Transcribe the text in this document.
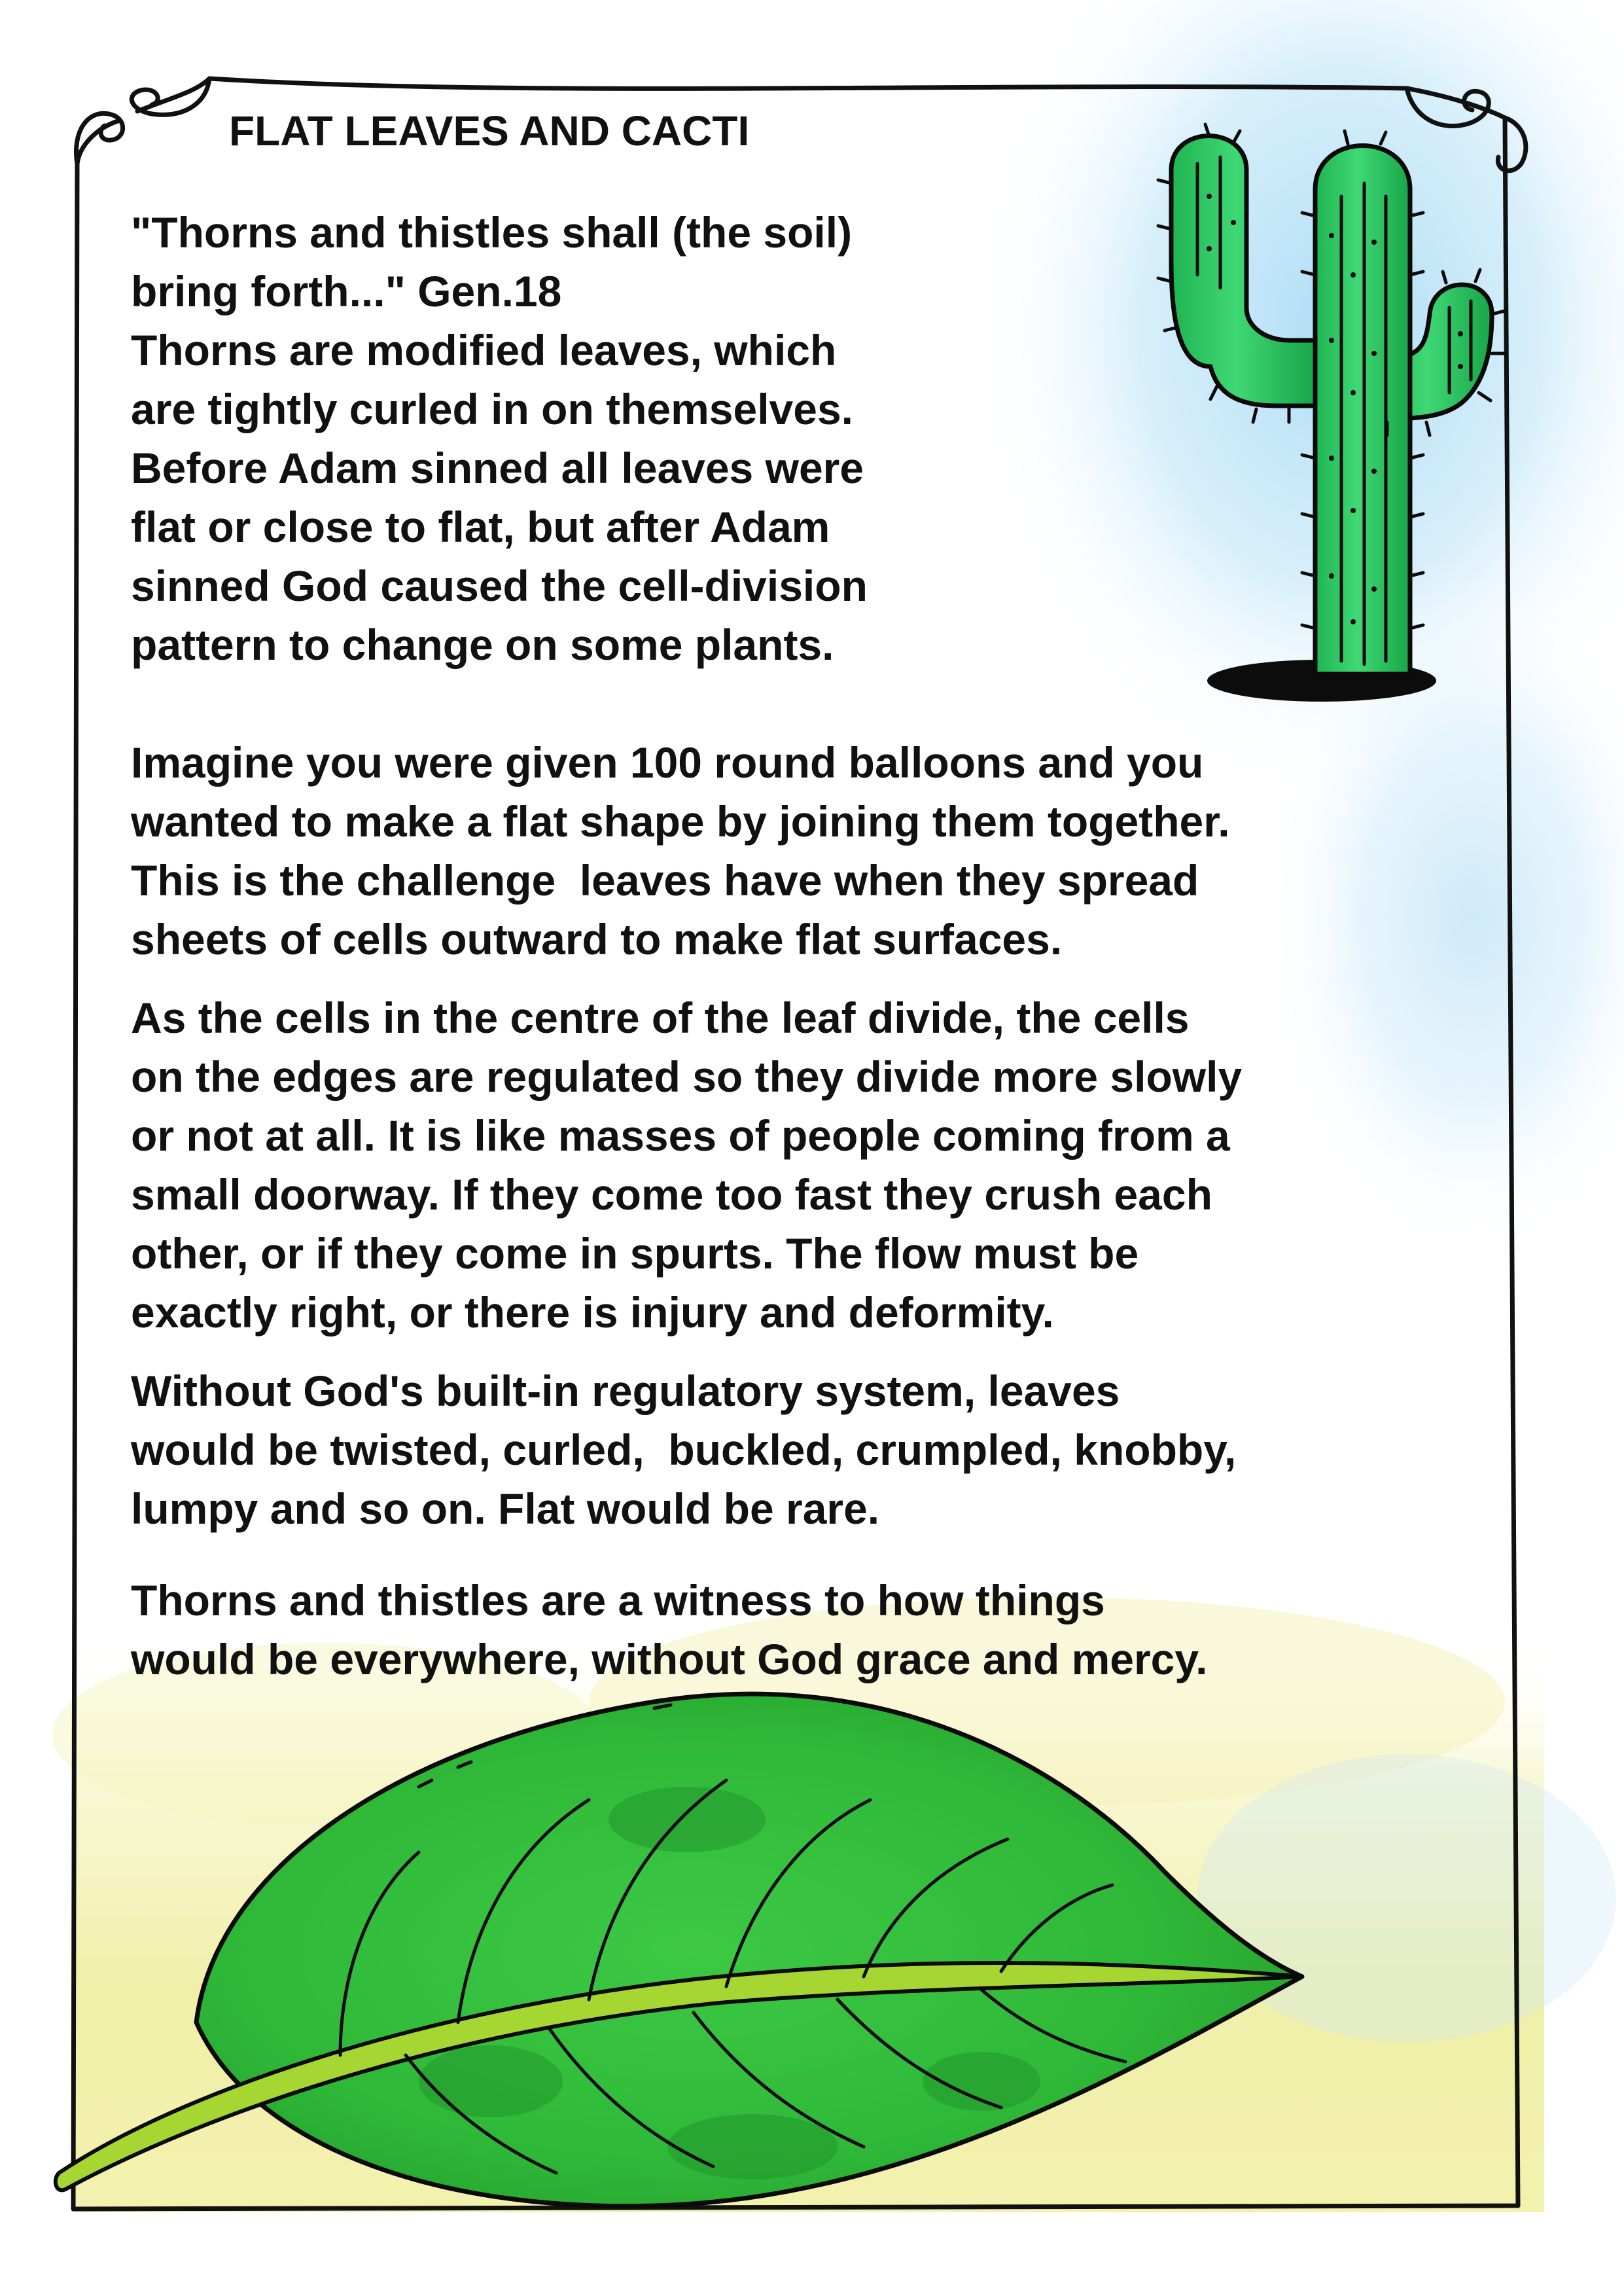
FLAT LEAVES AND CACTI

"Thorns and thistles shall (the soil)
bring forth..." Gen.18
Thorns are modified leaves, which
are tightly curled in on themselves.
Before Adam sinned all leaves were
flat or close to flat, but after Adam
sinned God caused the cell-division
pattern to change on some plants.

Imagine you were given 100 round balloons and you
wanted to make a flat shape by joining them together.
This is the challenge  leaves have when they spread
sheets of cells outward to make flat surfaces.

As the cells in the centre of the leaf divide, the cells
on the edges are regulated so they divide more slowly
or not at all. It is like masses of people coming from a
small doorway. If they come too fast they crush each
other, or if they come in spurts. The flow must be
exactly right, or there is injury and deformity.

Without God's built-in regulatory system, leaves
would be twisted, curled,  buckled, crumpled, knobby,
lumpy and so on. Flat would be rare.

Thorns and thistles are a witness to how things
would be everywhere, without God grace and mercy.
